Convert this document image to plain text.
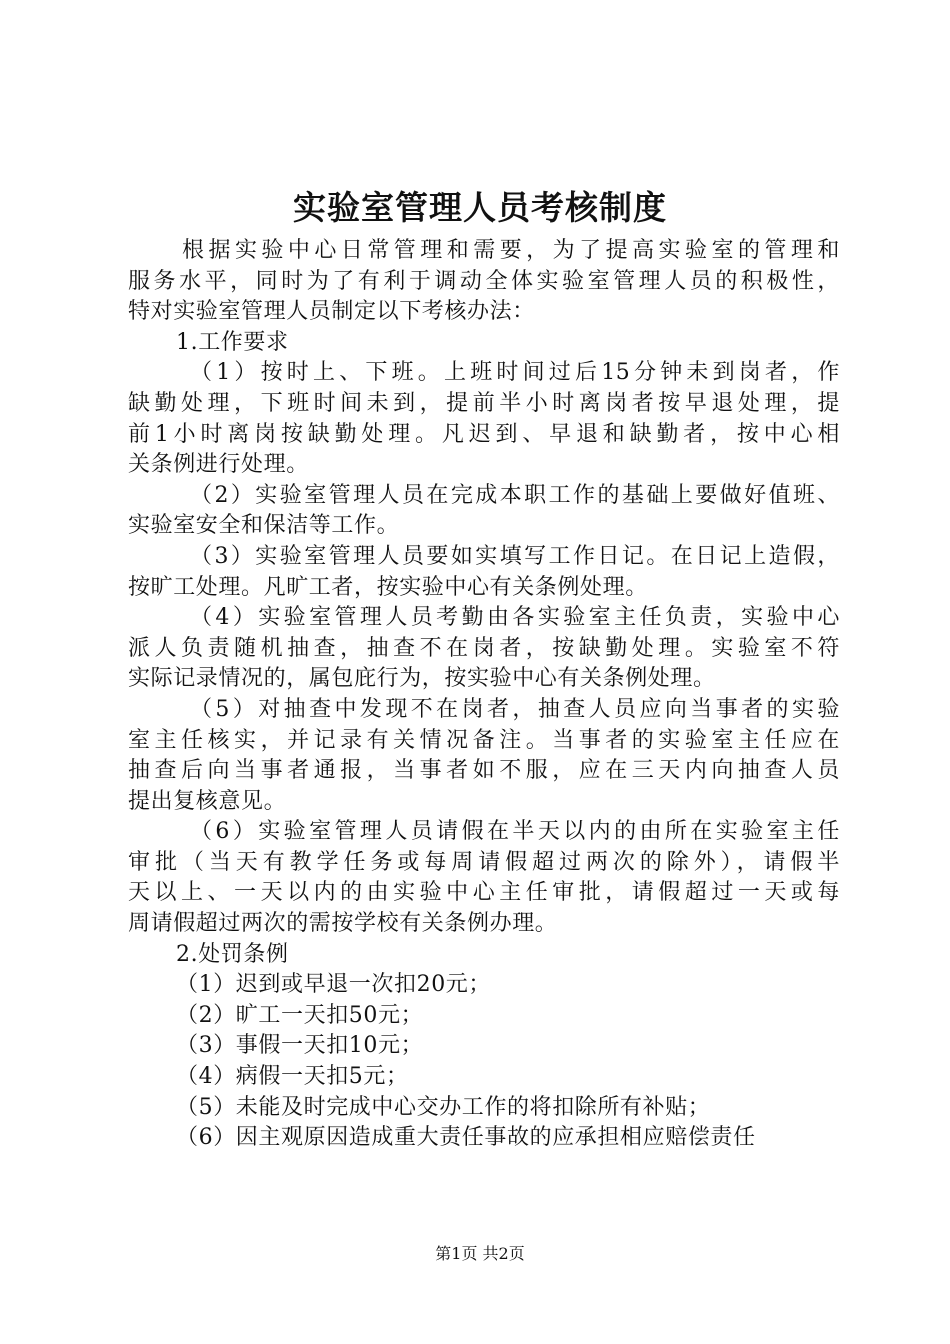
实验室管理人员考核制度
根据实验中心日常管理和需要，为了提高实验室的管理和
服务水平，同时为了有利于调动全体实验室管理人员的积极性，
特对实验室管理人员制定以下考核办法：
1.工作要求
（1）按时上、下班。上班时间过后15分钟未到岗者，作
缺勤处理，下班时间未到，提前半小时离岗者按早退处理，提
前1小时离岗按缺勤处理。凡迟到、早退和缺勤者，按中心相
关条例进行处理。
（2）实验室管理人员在完成本职工作的基础上要做好值班、
实验室安全和保洁等工作。
（3）实验室管理人员要如实填写工作日记。在日记上造假，
按旷工处理。凡旷工者，按实验中心有关条例处理。
（4）实验室管理人员考勤由各实验室主任负责，实验中心
派人负责随机抽查，抽查不在岗者，按缺勤处理。实验室不符
实际记录情况的，属包庇行为，按实验中心有关条例处理。
（5）对抽查中发现不在岗者，抽查人员应向当事者的实验
室主任核实，并记录有关情况备注。当事者的实验室主任应在
抽查后向当事者通报，当事者如不服，应在三天内向抽查人员
提出复核意见。
（6）实验室管理人员请假在半天以内的由所在实验室主任
审批（当天有教学任务或每周请假超过两次的除外），请假半
天以上、一天以内的由实验中心主任审批，请假超过一天或每
周请假超过两次的需按学校有关条例办理。
2.处罚条例
（1）迟到或早退一次扣20元；
（2）旷工一天扣50元；
（3）事假一天扣10元；
（4）病假一天扣5元；
（5）未能及时完成中心交办工作的将扣除所有补贴；
（6）因主观原因造成重大责任事故的应承担相应赔偿责任
第1页 共2页
